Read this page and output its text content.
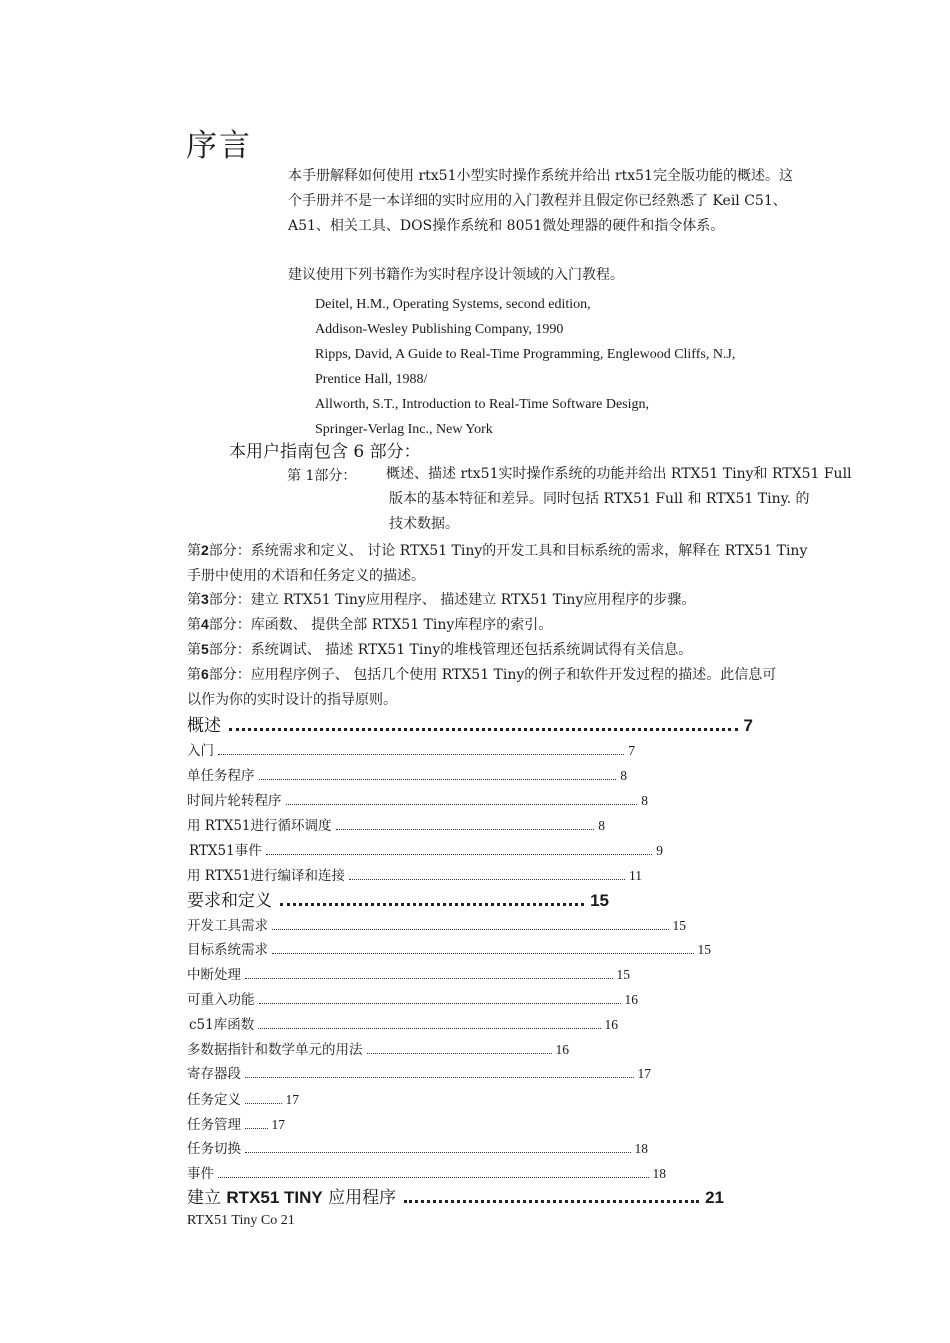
序言
本手册解释如何使用 rtx51小型实时操作系统并给出 rtx51完全版功能的概述。这
个手册并不是一本详细的实时应用的入门教程并且假定你已经熟悉了 Keil C51、
A51、相关工具、DOS操作系统和 8051微处理器的硬件和指令体系。
建议使用下列书籍作为实时程序设计领域的入门教程。
Deitel, H.M., Operating Systems, second edition,
Addison-Wesley Publishing Company, 1990
Ripps, David, A Guide to Real-Time Programming, Englewood Cliffs, N.J,
Prentice Hall, 1988/
Allworth, S.T., Introduction to Real-Time Software Design,
Springer-Verlag Inc., New York
本用户指南包含 6 部分：
第 1部分： 概述、描述 rtx51实时操作系统的功能并给出 RTX51 Tiny和 RTX51 Full
版本的基本特征和差异。同时包括 RTX51 Full 和 RTX51 Tiny. 的
技术数据。
第2部分：系统需求和定义、 讨论 RTX51 Tiny的开发工具和目标系统的需求，解释在 RTX51 Tiny
手册中使用的术语和任务定义的描述。
第3部分：建立 RTX51 Tiny应用程序、 描述建立 RTX51 Tiny应用程序的步骤。
第4部分：库函数、 提供全部 RTX51 Tiny库程序的索引。
第5部分：系统调试、 描述 RTX51 Tiny的堆栈管理还包括系统调试得有关信息。
第6部分：应用程序例子、 包括几个使用 RTX51 Tiny的例子和软件开发过程的描述。此信息可
以作为你的实时设计的指导原则。
概述	7
入门	7
单任务程序	8
时间片轮转程序	8
用 RTX51进行循环调度	8
RTX51事件	9
用 RTX51进行编译和连接	11
要求和定义	15
开发工具需求	15
目标系统需求	15
中断处理	15
可重入功能	16
c51库函数	16
多数据指针和数学单元的用法	16
寄存器段	17
任务定义	17
任务管理 17
任务切换	18
事件	18
建立 RTX51 TINY 应用程序	21
RTX51 Tiny Co 21
